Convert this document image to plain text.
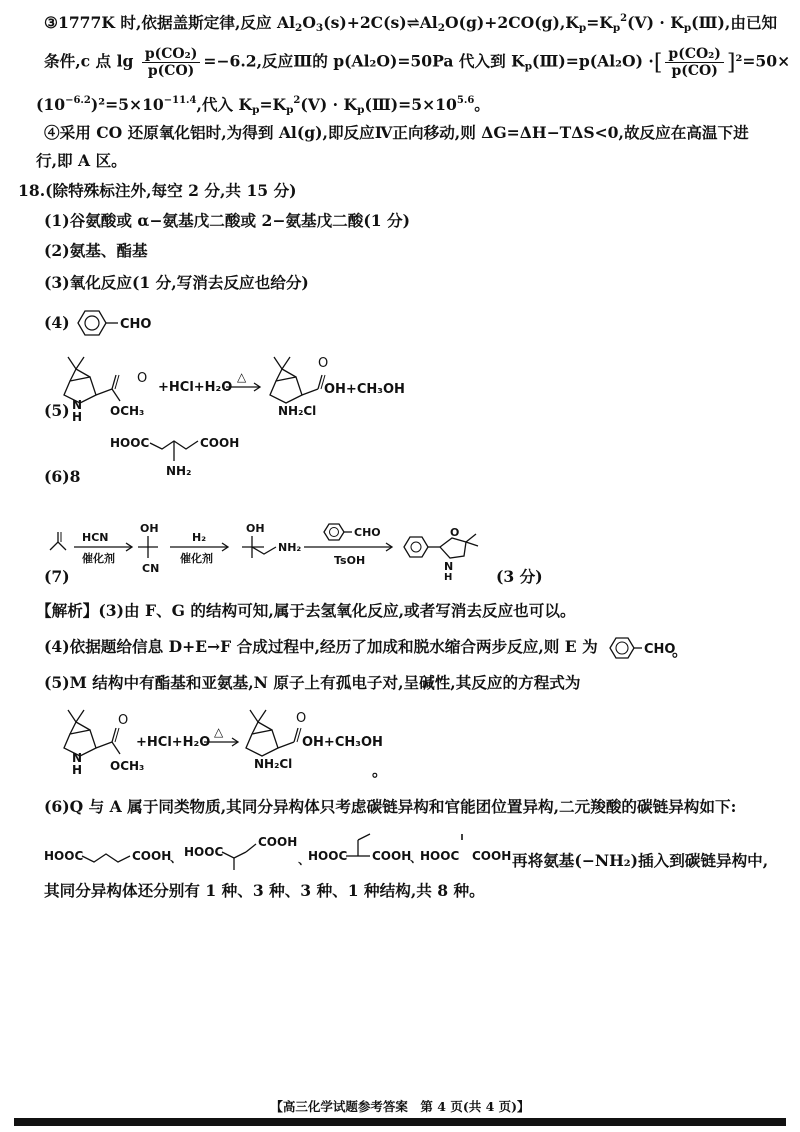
③1777K 时,依据盖斯定律,反应 $Al_2O_3(s)+2C(s)\rightleftharpoons Al_2O(g)+2CO(g),K_p=K_p^2(Ⅴ)$ · $K_p(Ⅲ)$,由已知
条件,c 点 $\lg \frac{\text{p(CO₂)}}{p(CO)} =-6.2$,反应Ⅲ的 p(Al₂O)=50Pa 代入到 $K_p(Ⅲ)=p(Al_2O)$ ·[ $\frac{\text{p(CO₂)}}{p(CO)} ]^2=50\times$
$(10^{-6.2})^2=5\times 10^{-11.4}$,代入 $K_p=K_p^2(Ⅴ)$ · $K_p(Ⅲ)=5\times 10^{5.6}$。
④采用 CO 还原氧化铝时,为得到 Al(g),即反应Ⅳ正向移动,则 ΔG=ΔH−TΔS<0,故反应在高温下进
行,即 A 区。
18.(除特殊标注外,每空 2 分,共 15 分)
(1)谷氨酸或 α−氨基戊二酸或 2−氨基戊二酸(1 分)
(2)氨基、酯基
(3)氧化反应(1 分,写消去反应也给分)
(4)	CHO
O
N
H OCH₃
+HCl+H₂O
△
O
OH+CH₃OH
NH₂Cl
(5)
HOOC	COOH
NH₂
(6)8
HCN
催化剂
OH
CN
H₂
催化剂
OH
NH₂
CHO
TsOH
O
N
H
(7)	(3 分)
【解析】(3)由 F、G 的结构可知,属于去氢氧化反应,或者写消去反应也可以。
(4)依据题给信息 D+E→F 合成过程中,经历了加成和脱水缩合两步反应,则 E 为	CHO
。
(5)M 结构中有酯基和亚氨基,N 原子上有孤电子对,呈碱性,其反应的方程式为
O
N
H OCH₃
+HCl+H₂O
△
O
OH+CH₃OH
NH₂Cl	。
(6)Q 与 A 属于同类物质,其同分异构体只考虑碳链异构和官能团位置异构,二元羧酸的碳链异构如下:
HOOC	COOH
、 HOOC
COOH
、
HOOC COOH
、
HOOC COOH 再将氨基(−NH₂)插入到碳链异构中,
其同分异构体还分别有 1 种、3 种、3 种、1 种结构,共 8 种。
【高三化学试题参考答案　第 4 页(共 4 页)】
